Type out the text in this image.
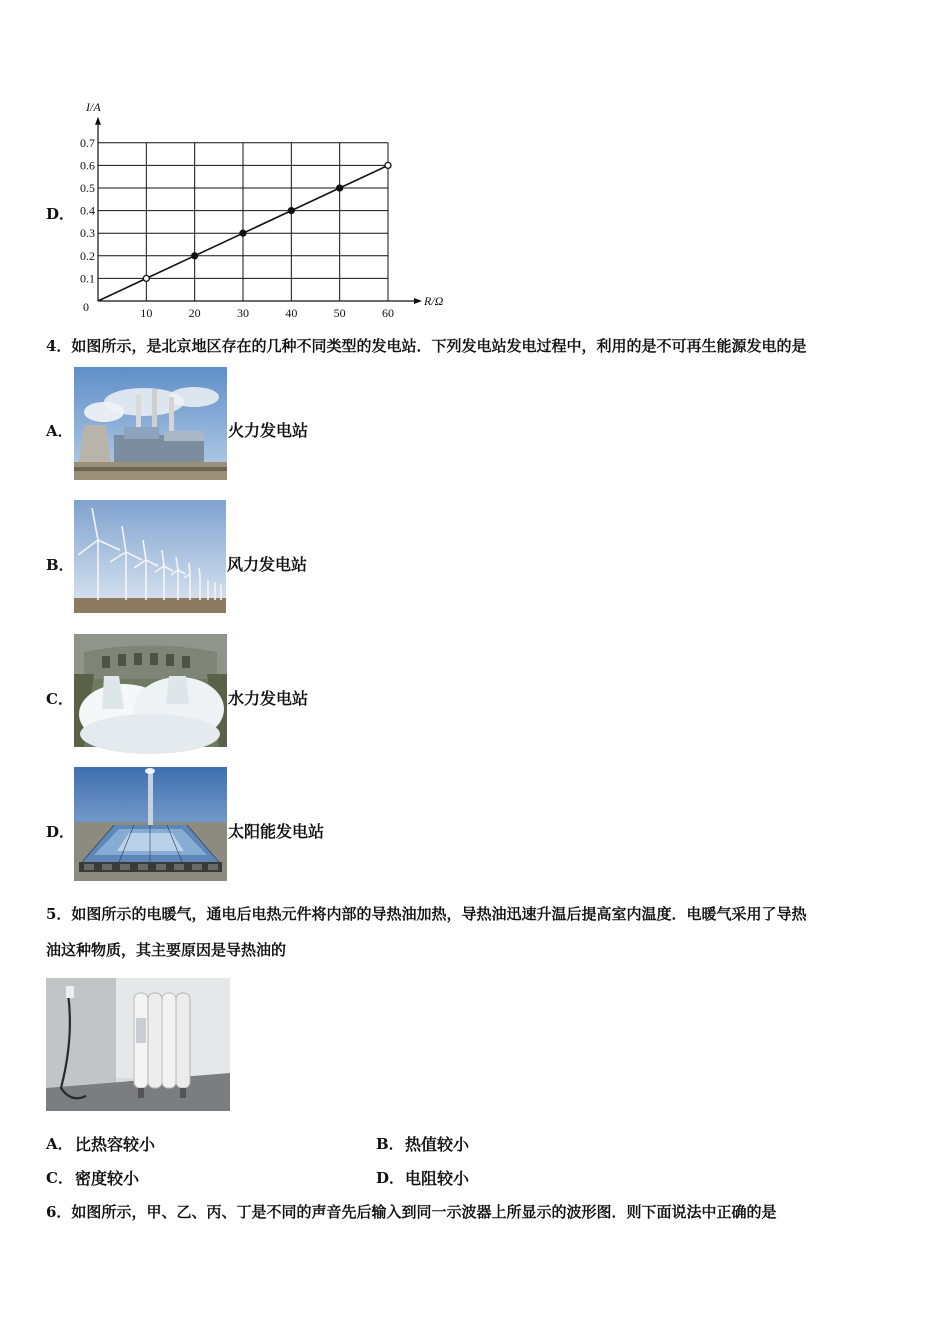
D．
10	20	30	40	50	60
0.1
0.2
0.3
0.4
0.5
0.6
0.7
0	R/Ω
I/A
4．如图所示，是北京地区存在的几种不同类型的发电站．下列发电站发电过程中，利用的是不可再生能源发电的是
A．	火力发电站
B．	风力发电站
C．	水力发电站
D．	太阳能发电站
5．如图所示的电暖气，通电后电热元件将内部的导热油加热，导热油迅速升温后提高室内温度．电暖气采用了导热
油这种物质，其主要原因是导热油的
A． 比热容较小	B． 热值较小
C． 密度较小	D． 电阻较小
6．如图所示，甲、乙、丙、丁是不同的声音先后输入到同一示波器上所显示的波形图．则下面说法中正确的是
